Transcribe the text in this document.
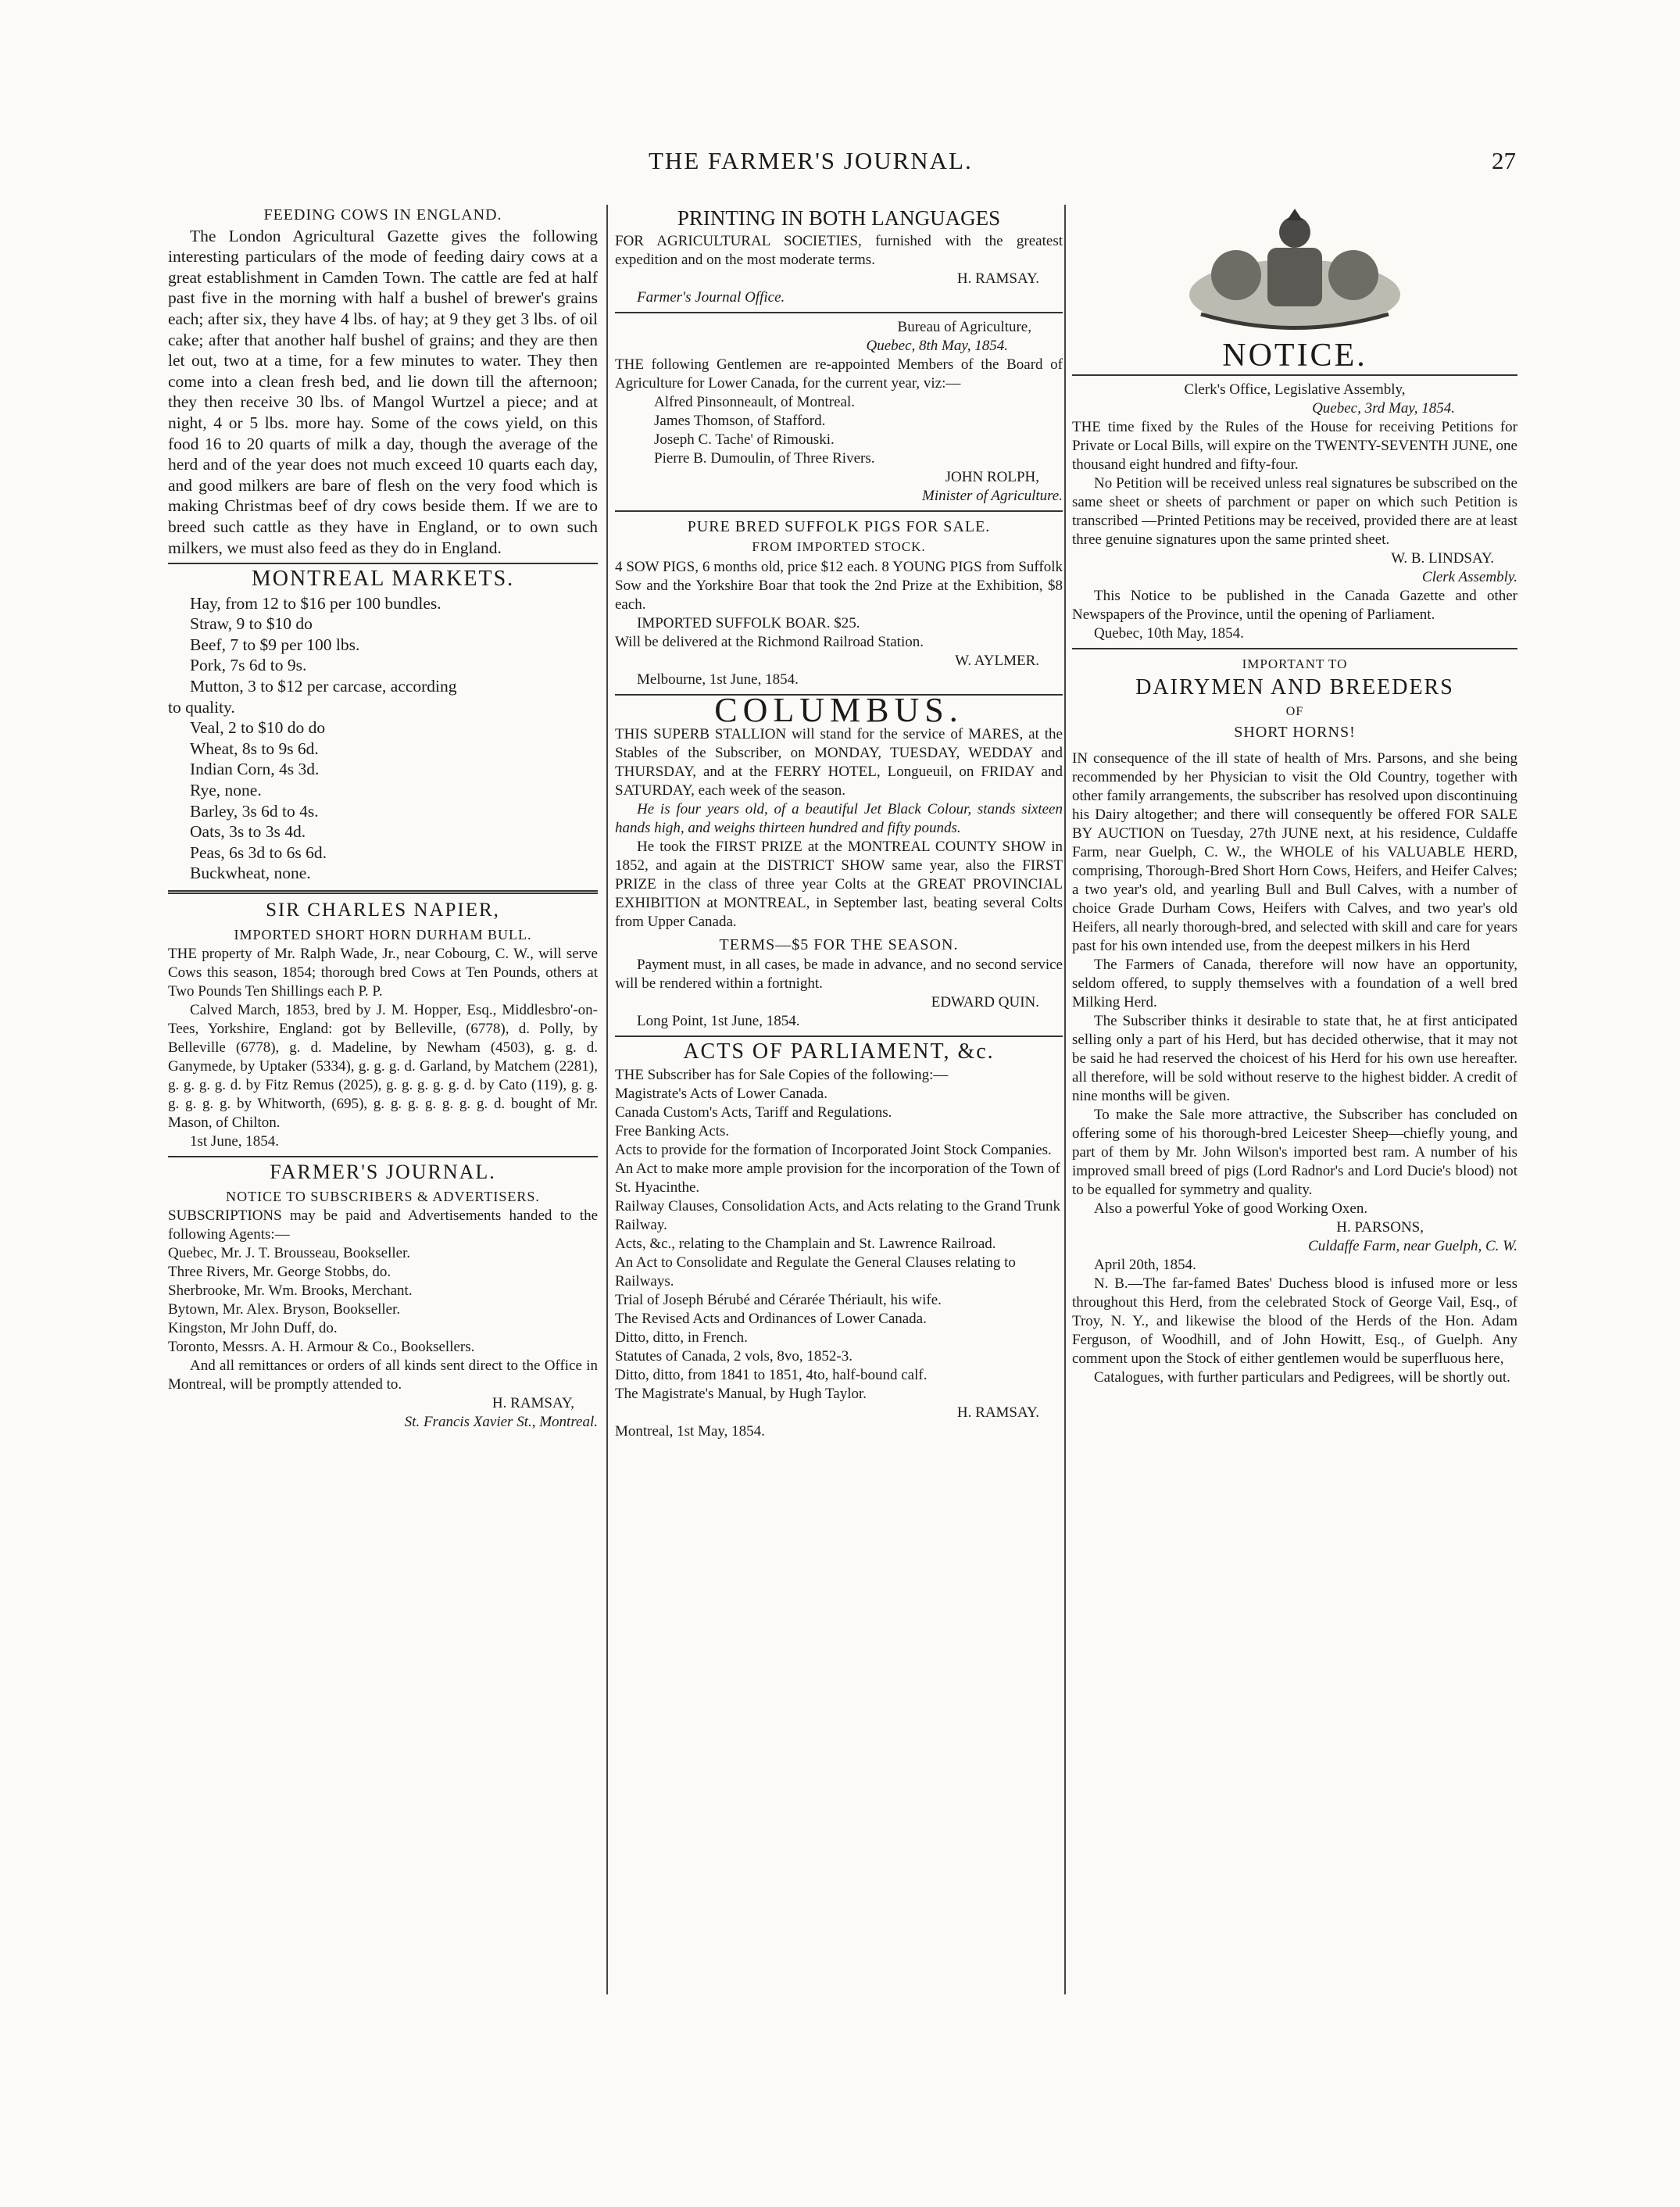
THE FARMER'S JOURNAL.	27
FEEDING COWS IN ENGLAND.

The London Agricultural Gazette gives the following interesting particulars of the mode of feeding dairy cows at a great establishment in Camden Town. The cattle are fed at half past five in the morning with half a bushel of brewer's grains each; after six, they have 4 lbs. of hay; at 9 they get 3 lbs. of oil cake; after that another half bushel of grains; and they are then let out, two at a time, for a few minutes to water. They then come into a clean fresh bed, and lie down till the afternoon; they then receive 30 lbs. of Mangol Wurtzel a piece; and at night, 4 or 5 lbs. more hay. Some of the cows yield, on this food 16 to 20 quarts of milk a day, though the average of the herd and of the year does not much exceed 10 quarts each day, and good milkers are bare of flesh on the very food which is making Christmas beef of dry cows beside them. If we are to breed such cattle as they have in England, or to own such milkers, we must also feed as they do in England.

MONTREAL MARKETS.
Hay, from 12 to $16 per 100 bundles.
Straw, 9 to $10 do
Beef, 7 to $9 per 100 lbs.
Pork, 7s 6d to 9s.
Mutton, 3 to $12 per carcase, according
to quality.
Veal, 2 to $10 do do
Wheat, 8s to 9s 6d.
Indian Corn, 4s 3d.
Rye, none.
Barley, 3s 6d to 4s.
Oats, 3s to 3s 4d.
Peas, 6s 3d to 6s 6d.
Buckwheat, none.
SIR CHARLES NAPIER,
IMPORTED SHORT HORN DURHAM BULL.

THE property of Mr. Ralph Wade, Jr., near Cobourg, C. W., will serve Cows this season, 1854; thorough bred Cows at Ten Pounds, others at Two Pounds Ten Shillings each P. P.

Calved March, 1853, bred by J. M. Hopper, Esq., Middlesbro'-on-Tees, Yorkshire, England: got by Belleville, (6778), d. Polly, by Belleville (6778), g. d. Madeline, by Newham (4503), g. g. d. Ganymede, by Uptaker (5334), g. g. g. d. Garland, by Matchem (2281), g. g. g. g. d. by Fitz Remus (2025), g. g. g. g. g. d. by Cato (119), g. g. g. g. g. g. by Whitworth, (695), g. g. g. g. g. g. g. d. bought of Mr. Mason, of Chilton.

1st June, 1854.
FARMER'S JOURNAL.
NOTICE TO SUBSCRIBERS & ADVERTISERS.

SUBSCRIPTIONS may be paid and Advertisements handed to the following Agents:—

Quebec, Mr. J. T. Brousseau, Bookseller.
Three Rivers, Mr. George Stobbs, do.
Sherbrooke, Mr. Wm. Brooks, Merchant.
Bytown, Mr. Alex. Bryson, Bookseller.
Kingston, Mr John Duff, do.
Toronto, Messrs. A. H. Armour & Co., Booksellers.

And all remittances or orders of all kinds sent direct to the Office in Montreal, will be promptly attended to.

H. RAMSAY,
St. Francis Xavier St., Montreal.
PRINTING IN BOTH LANGUAGES

FOR AGRICULTURAL SOCIETIES, furnished with the greatest expedition and on the most moderate terms.

H. RAMSAY.
Farmer's Journal Office.
Bureau of Agriculture,
Quebec, 8th May, 1854.

THE following Gentlemen are re-appointed Members of the Board of Agriculture for Lower Canada, for the current year, viz:—

Alfred Pinsonneault, of Montreal.
James Thomson, of Stafford.
Joseph C. Tache' of Rimouski.
Pierre B. Dumoulin, of Three Rivers.
JOHN ROLPH,
Minister of Agriculture.
PURE BRED SUFFOLK PIGS FOR SALE.
FROM IMPORTED STOCK.

4 SOW PIGS, 6 months old, price $12 each. 8 YOUNG PIGS from Suffolk Sow and the Yorkshire Boar that took the 2nd Prize at the Exhibition, $8 each.

IMPORTED SUFFOLK BOAR. $25.
Will be delivered at the Richmond Railroad Station.
W. AYLMER.
Melbourne, 1st June, 1854.
COLUMBUS.

THIS SUPERB STALLION will stand for the service of MARES, at the Stables of the Subscriber, on MONDAY, TUESDAY, WEDDAY and THURSDAY, and at the FERRY HOTEL, Longueuil, on FRIDAY and SATURDAY, each week of the season.

He is four years old, of a beautiful Jet Black Colour, stands sixteen hands high, and weighs thirteen hundred and fifty pounds.

He took the FIRST PRIZE at the MONTREAL COUNTY SHOW in 1852, and again at the DISTRICT SHOW same year, also the FIRST PRIZE in the class of three year Colts at the GREAT PROVINCIAL EXHIBITION at MONTREAL, in September last, beating several Colts from Upper Canada.

TERMS—$5 FOR THE SEASON.

Payment must, in all cases, be made in advance, and no second service will be rendered within a fortnight.

EDWARD QUIN.
Long Point, 1st June, 1854.
ACTS OF PARLIAMENT, &c.

THE Subscriber has for Sale Copies of the following:—

Magistrate's Acts of Lower Canada.
Canada Custom's Acts, Tariff and Regulations.
Free Banking Acts.
Acts to provide for the formation of Incorporated Joint Stock Companies.
An Act to make more ample provision for the incorporation of the Town of St. Hyacinthe.
Railway Clauses, Consolidation Acts, and Acts relating to the Grand Trunk Railway.
Acts, &c., relating to the Champlain and St. Lawrence Railroad.
An Act to Consolidate and Regulate the General Clauses relating to Railways.
Trial of Joseph Bérubé and Cérarée Thériault, his wife.
The Revised Acts and Ordinances of Lower Canada.
Ditto, ditto, in French.
Statutes of Canada, 2 vols, 8vo, 1852-3.
Ditto, ditto, from 1841 to 1851, 4to, half-bound calf.
The Magistrate's Manual, by Hugh Taylor.
H. RAMSAY.
Montreal, 1st May, 1854.
NOTICE.
Clerk's Office, Legislative Assembly,
Quebec, 3rd May, 1854.

THE time fixed by the Rules of the House for receiving Petitions for Private or Local Bills, will expire on the TWENTY-SEVENTH JUNE, one thousand eight hundred and fifty-four.

No Petition will be received unless real signatures be subscribed on the same sheet or sheets of parchment or paper on which such Petition is transcribed —Printed Petitions may be received, provided there are at least three genuine signatures upon the same printed sheet.

W. B. LINDSAY.
Clerk Assembly.

This Notice to be published in the Canada Gazette and other Newspapers of the Province, until the opening of Parliament.

Quebec, 10th May, 1854.
IMPORTANT TO
DAIRYMEN AND BREEDERS
OF
SHORT HORNS!

IN consequence of the ill state of health of Mrs. Parsons, and she being recommended by her Physician to visit the Old Country, together with other family arrangements, the subscriber has resolved upon discontinuing his Dairy altogether; and there will consequently be offered FOR SALE BY AUCTION on Tuesday, 27th JUNE next, at his residence, Culdaffe Farm, near Guelph, C. W., the WHOLE of his VALUABLE HERD, comprising, Thorough-Bred Short Horn Cows, Heifers, and Heifer Calves; a two year's old, and yearling Bull and Bull Calves, with a number of choice Grade Durham Cows, Heifers with Calves, and two year's old Heifers, all nearly thorough-bred, and selected with skill and care for years past for his own intended use, from the deepest milkers in his Herd

The Farmers of Canada, therefore will now have an opportunity, seldom offered, to supply themselves with a foundation of a well bred Milking Herd.

The Subscriber thinks it desirable to state that, he at first anticipated selling only a part of his Herd, but has decided otherwise, that it may not be said he had reserved the choicest of his Herd for his own use hereafter. all therefore, will be sold without reserve to the highest bidder. A credit of nine months will be given.

To make the Sale more attractive, the Subscriber has concluded on offering some of his thorough-bred Leicester Sheep—chiefly young, and part of them by Mr. John Wilson's imported best ram. A number of his improved small breed of pigs (Lord Radnor's and Lord Ducie's blood) not to be equalled for symmetry and quality.

Also a powerful Yoke of good Working Oxen.
H. PARSONS,
Culdaffe Farm, near Guelph, C. W.
April 20th, 1854.

N. B.—The far-famed Bates' Duchess blood is infused more or less throughout this Herd, from the celebrated Stock of George Vail, Esq., of Troy, N. Y., and likewise the blood of the Herds of the Hon. Adam Ferguson, of Woodhill, and of John Howitt, Esq., of Guelph. Any comment upon the Stock of either gentlemen would be superfluous here,

Catalogues, with further particulars and Pedigrees, will be shortly out.
